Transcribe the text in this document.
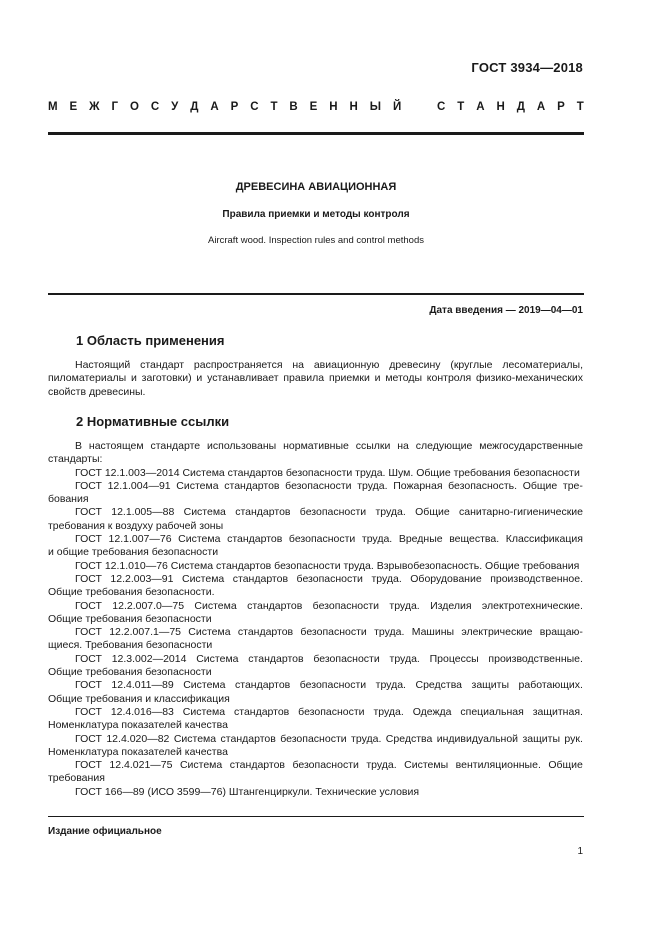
ГОСТ 3934—2018
М Е Ж Г О С У Д А Р С Т В Е Н Н Ы Й	С Т А Н Д А Р Т
ДРЕВЕСИНА АВИАЦИОННАЯ
Правила приемки и методы контроля
Aircraft wood. Inspection rules and control methods
Дата введения — 2019—04—01
1 Область применения
Настоящий стандарт распространяется на авиационную древесину (круглые лесоматериалы, пиломатериалы и заготовки) и устанавливает правила приемки и методы контроля физико-механических свойств древесины.
2 Нормативные ссылки
В настоящем стандарте использованы нормативные ссылки на следующие межгосударственные
стандарты:
ГОСТ 12.1.003—2014 Система стандартов безопасности труда. Шум. Общие требования безопасности
ГОСТ 12.1.004—91 Система стандартов безопасности труда. Пожарная безопасность. Общие тре-
бования
ГОСТ 12.1.005—88 Система стандартов безопасности труда. Общие санитарно-гигиенические
требования к воздуху рабочей зоны
ГОСТ 12.1.007—76 Система стандартов безопасности труда. Вредные вещества. Классификация
и общие требования безопасности
ГОСТ 12.1.010—76 Система стандартов безопасности труда. Взрывобезопасность. Общие требования
ГОСТ 12.2.003—91 Система стандартов безопасности труда. Оборудование производственное.
Общие требования безопасности.
ГОСТ 12.2.007.0—75 Система стандартов безопасности труда. Изделия электротехнические.
Общие требования безопасности
ГОСТ 12.2.007.1—75 Система стандартов безопасности труда. Машины электрические вращаю-
щиеся. Требования безопасности
ГОСТ 12.3.002—2014 Система стандартов безопасности труда. Процессы производственные.
Общие требования безопасности
ГОСТ 12.4.011—89 Система стандартов безопасности труда. Средства защиты работающих.
Общие требования и классификация
ГОСТ 12.4.016—83 Система стандартов безопасности труда. Одежда специальная защитная.
Номенклатура показателей качества
ГОСТ 12.4.020—82 Система стандартов безопасности труда. Средства индивидуальной защиты рук.
Номенклатура показателей качества
ГОСТ 12.4.021—75 Система стандартов безопасности труда. Системы вентиляционные. Общие
требования
ГОСТ 166—89 (ИСО 3599—76) Штангенциркули. Технические условия
Издание официальное
1
